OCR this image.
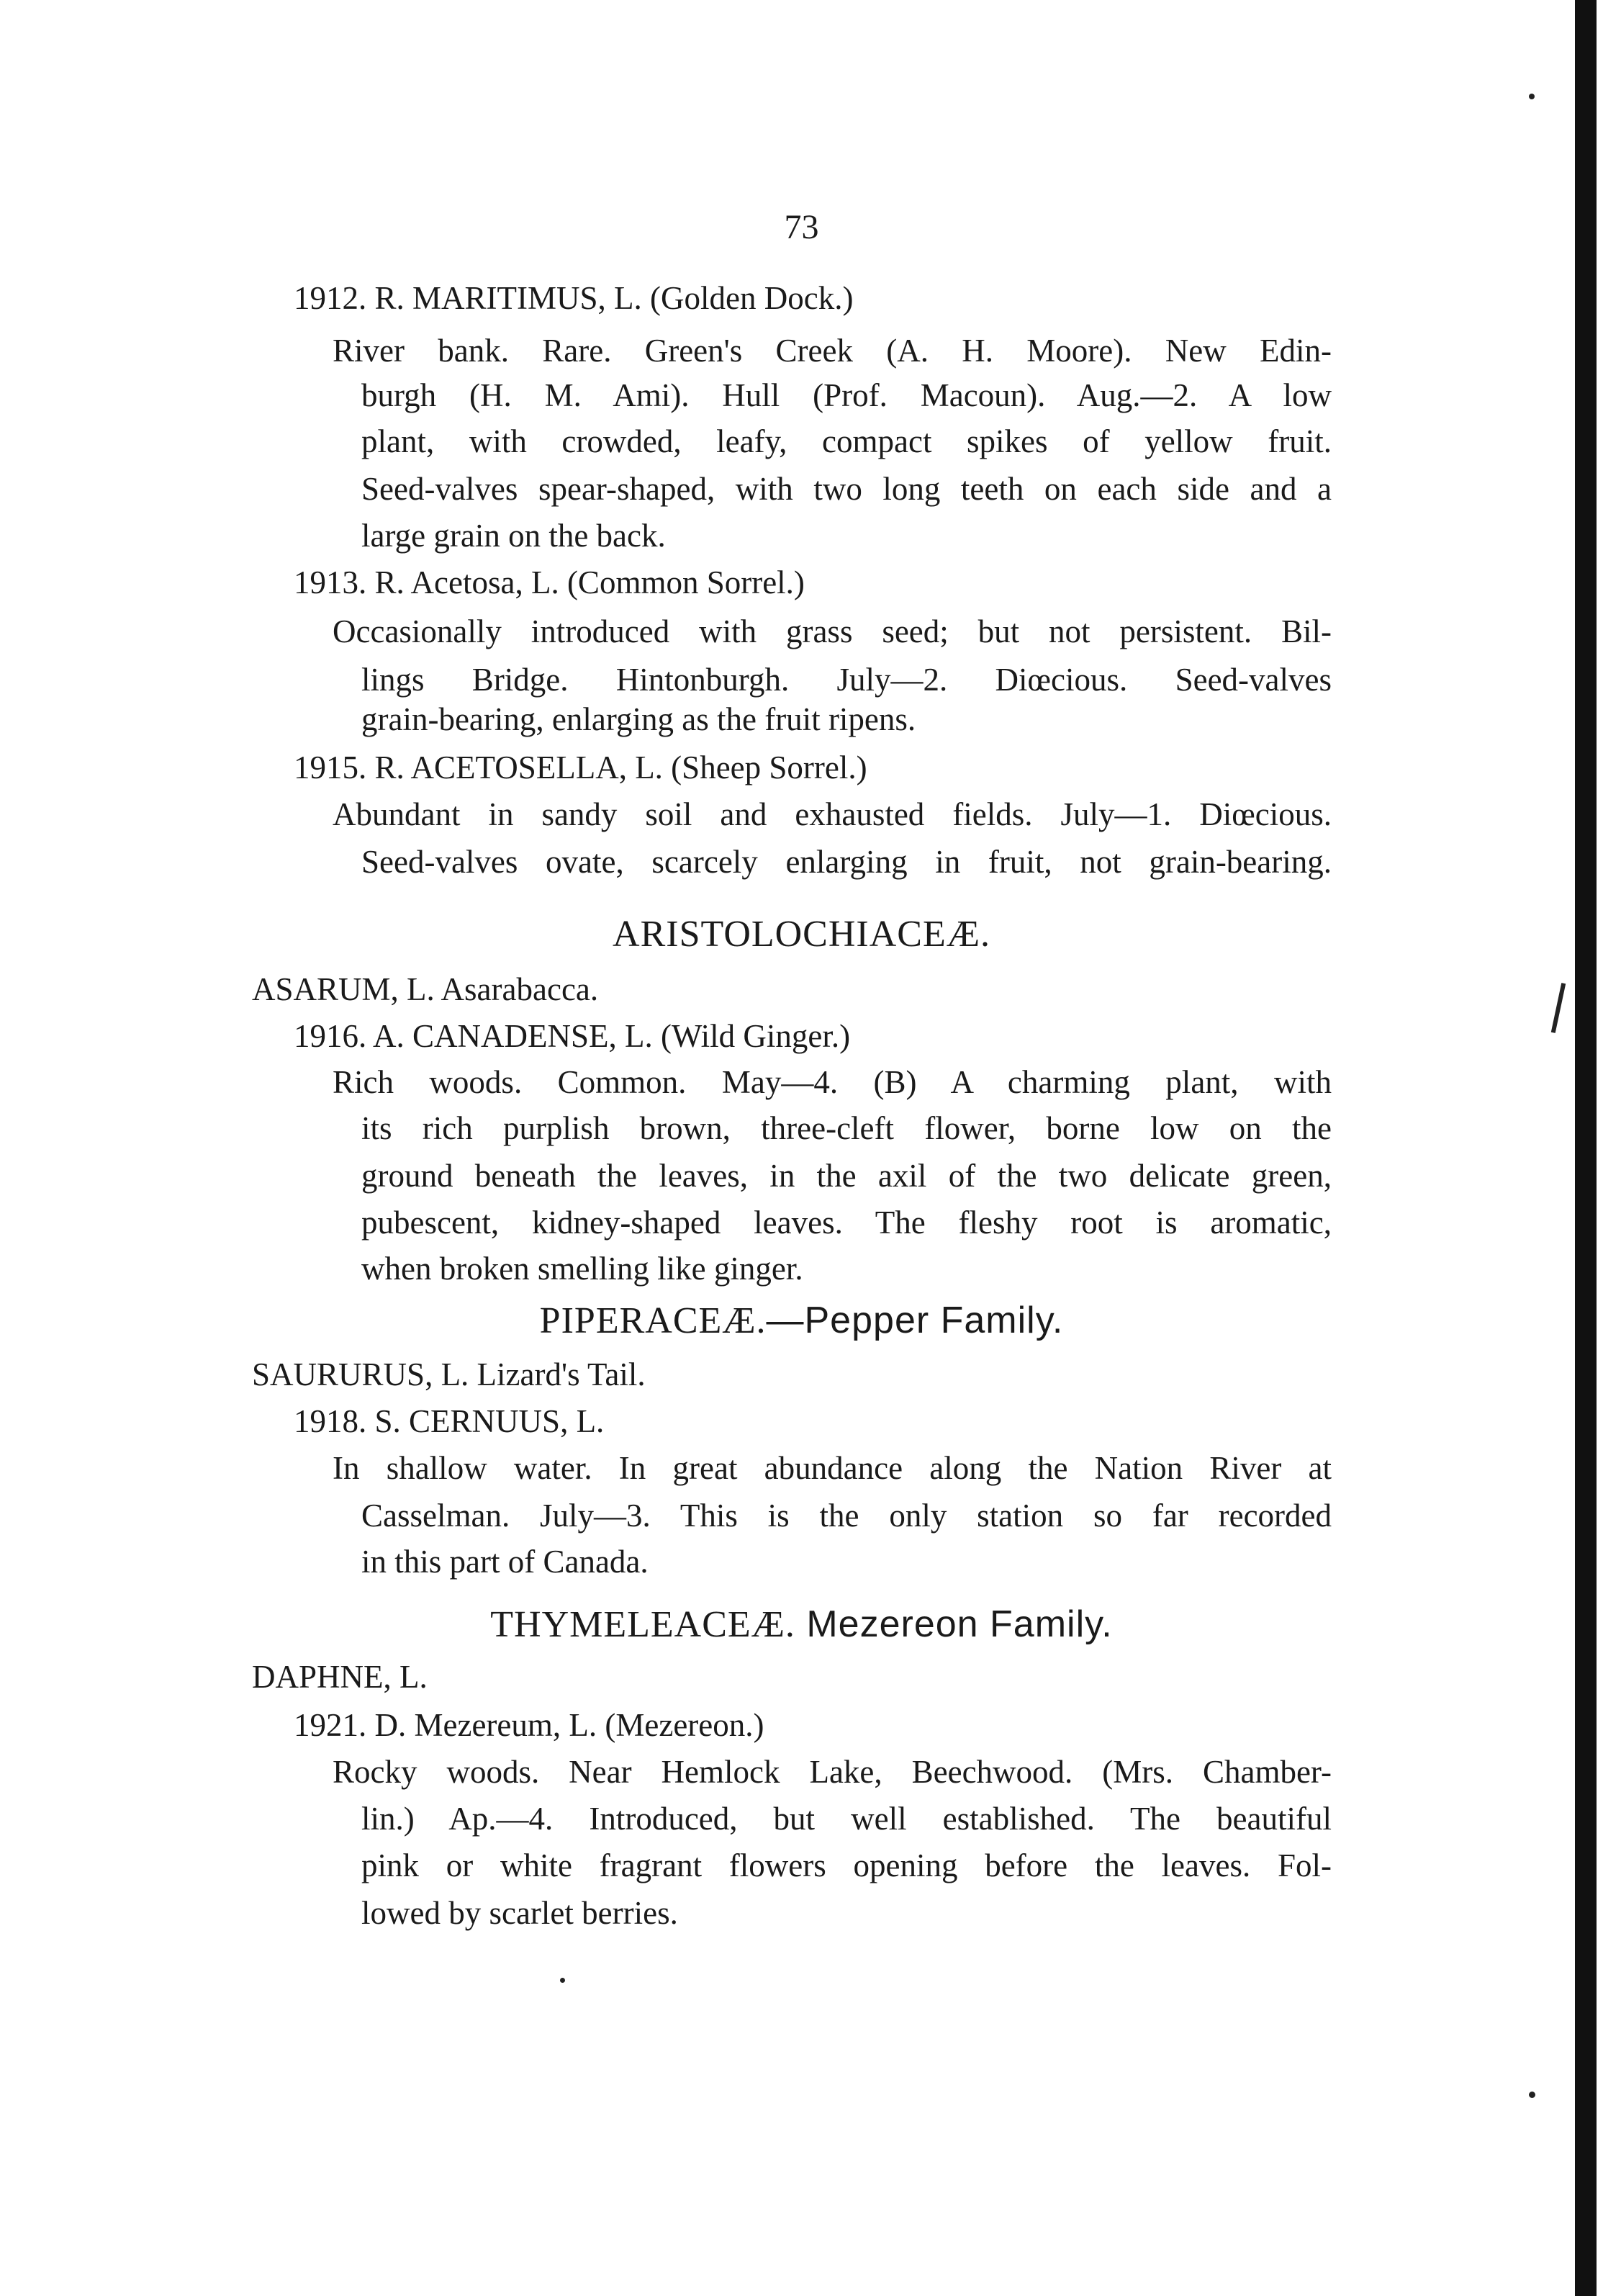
73
1912. R. MARITIMUS, L. (Golden Dock.)
River bank. Rare. Green's Creek (A. H. Moore). New Edin-
burgh (H. M. Ami). Hull (Prof. Macoun). Aug.—2. A low
plant, with crowded, leafy, compact spikes of yellow fruit.
Seed-valves spear-shaped, with two long teeth on each side and a
large grain on the back.
1913. R. Acetosa, L. (Common Sorrel.)
Occasionally introduced with grass seed; but not persistent. Bil-
lings Bridge. Hintonburgh. July—2. Diœcious. Seed-valves
grain-bearing, enlarging as the fruit ripens.
1915. R. ACETOSELLA, L. (Sheep Sorrel.)
Abundant in sandy soil and exhausted fields. July—1. Diœcious.
Seed-valves ovate, scarcely enlarging in fruit, not grain-bearing.
ASARUM, L. Asarabacca.
1916. A. CANADENSE, L. (Wild Ginger.)
Rich woods. Common. May—4. (B) A charming plant, with
its rich purplish brown, three-cleft flower, borne low on the
ground beneath the leaves, in the axil of the two delicate green,
pubescent, kidney-shaped leaves. The fleshy root is aromatic,
when broken smelling like ginger.
SAURURUS, L. Lizard's Tail.
1918. S. CERNUUS, L.
In shallow water. In great abundance along the Nation River at
Casselman. July—3. This is the only station so far recorded
in this part of Canada.
DAPHNE, L.
1921. D. Mezereum, L. (Mezereon.)
Rocky woods. Near Hemlock Lake, Beechwood. (Mrs. Chamber-
lin.) Ap.—4. Introduced, but well established. The beautiful
pink or white fragrant flowers opening before the leaves. Fol-
lowed by scarlet berries.
ARISTOLOCHIACEÆ.
PIPERACEÆ.—Pepper Family.
THYMELEACEÆ. Mezereon Family.
